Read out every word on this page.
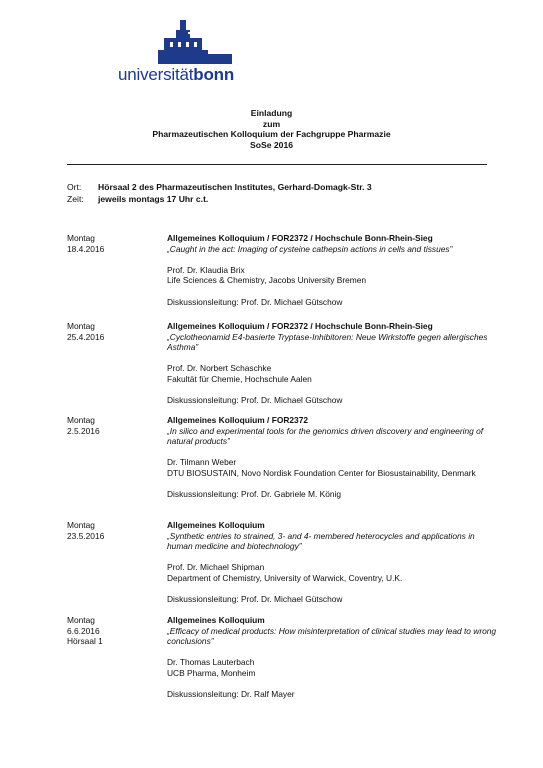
universitätbonn
Einladung
zum
Pharmazeutischen Kolloquium der Fachgruppe Pharmazie
SoSe 2016
Ort:	Hörsaal 2 des Pharmazeutischen Institutes, Gerhard-Domagk-Str. 3
Zeit:	jeweils montags 17 Uhr c.t.
Montag
18.4.2016
Allgemeines Kolloquium / FOR2372 / Hochschule Bonn-Rhein-Sieg
„Caught in the act: Imaging of cysteine cathepsin actions in cells and tissues”
Prof. Dr. Klaudia Brix
Life Sciences & Chemistry, Jacobs University Bremen
Diskussionsleitung: Prof. Dr. Michael Gütschow
Montag
25.4.2016
Allgemeines Kolloquium / FOR2372 / Hochschule Bonn-Rhein-Sieg
„Cyclotheonamid E4-basierte Tryptase-Inhibitoren: Neue Wirkstoffe gegen allergisches Asthma”
Prof. Dr. Norbert Schaschke
Fakultät für Chemie, Hochschule Aalen
Diskussionsleitung: Prof. Dr. Michael Gütschow
Montag
2.5.2016
Allgemeines Kolloquium / FOR2372
„In silico and experimental tools for the genomics driven discovery and engineering of natural products”
Dr. Tilmann Weber
DTU BIOSUSTAIN, Novo Nordisk Foundation Center for Biosustainability, Denmark
Diskussionsleitung: Prof. Dr. Gabriele M. König
Montag
23.5.2016
Allgemeines Kolloquium
„Synthetic entries to strained, 3- and 4- membered heterocycles and applications in human medicine and biotechnology”
Prof. Dr. Michael Shipman
Department of Chemistry, University of Warwick, Coventry, U.K.
Diskussionsleitung: Prof. Dr. Michael Gütschow
Montag
6.6.2016
Hörsaal 1
Allgemeines Kolloquium
„Efficacy of medical products: How misinterpretation of clinical studies may lead to wrong conclusions”
Dr. Thomas Lauterbach
UCB Pharma, Monheim
Diskussionsleitung: Dr. Ralf Mayer
